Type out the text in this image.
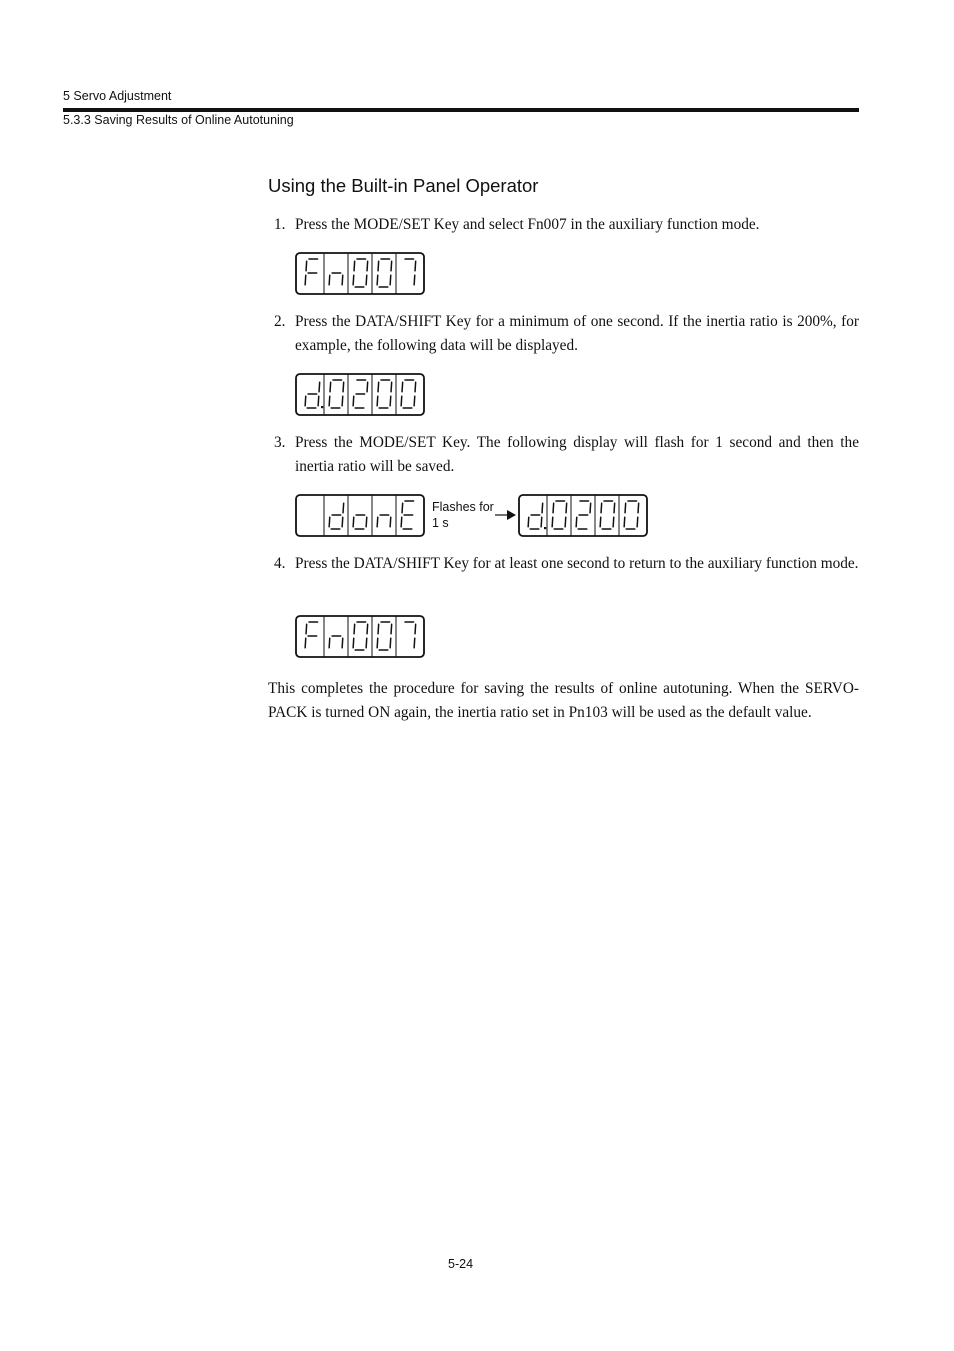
5 Servo Adjustment
5.3.3 Saving Results of Online Autotuning
Using the Built-in Panel Operator
1. Press the MODE/SET Key and select Fn007 in the auxiliary function mode.
2. Press the DATA/SHIFT Key for a minimum of one second. If the inertia ratio is 200%, for example, the following data will be displayed.
3. Press the MODE/SET Key. The following display will flash for 1 second and then the inertia ratio will be saved.
Flashes for
1 s
4. Press the DATA/SHIFT Key for at least one second to return to the auxiliary function mode.
This completes the procedure for saving the results of online autotuning. When the SERVO-PACK is turned ON again, the inertia ratio set in Pn103 will be used as the default value.
5-24
